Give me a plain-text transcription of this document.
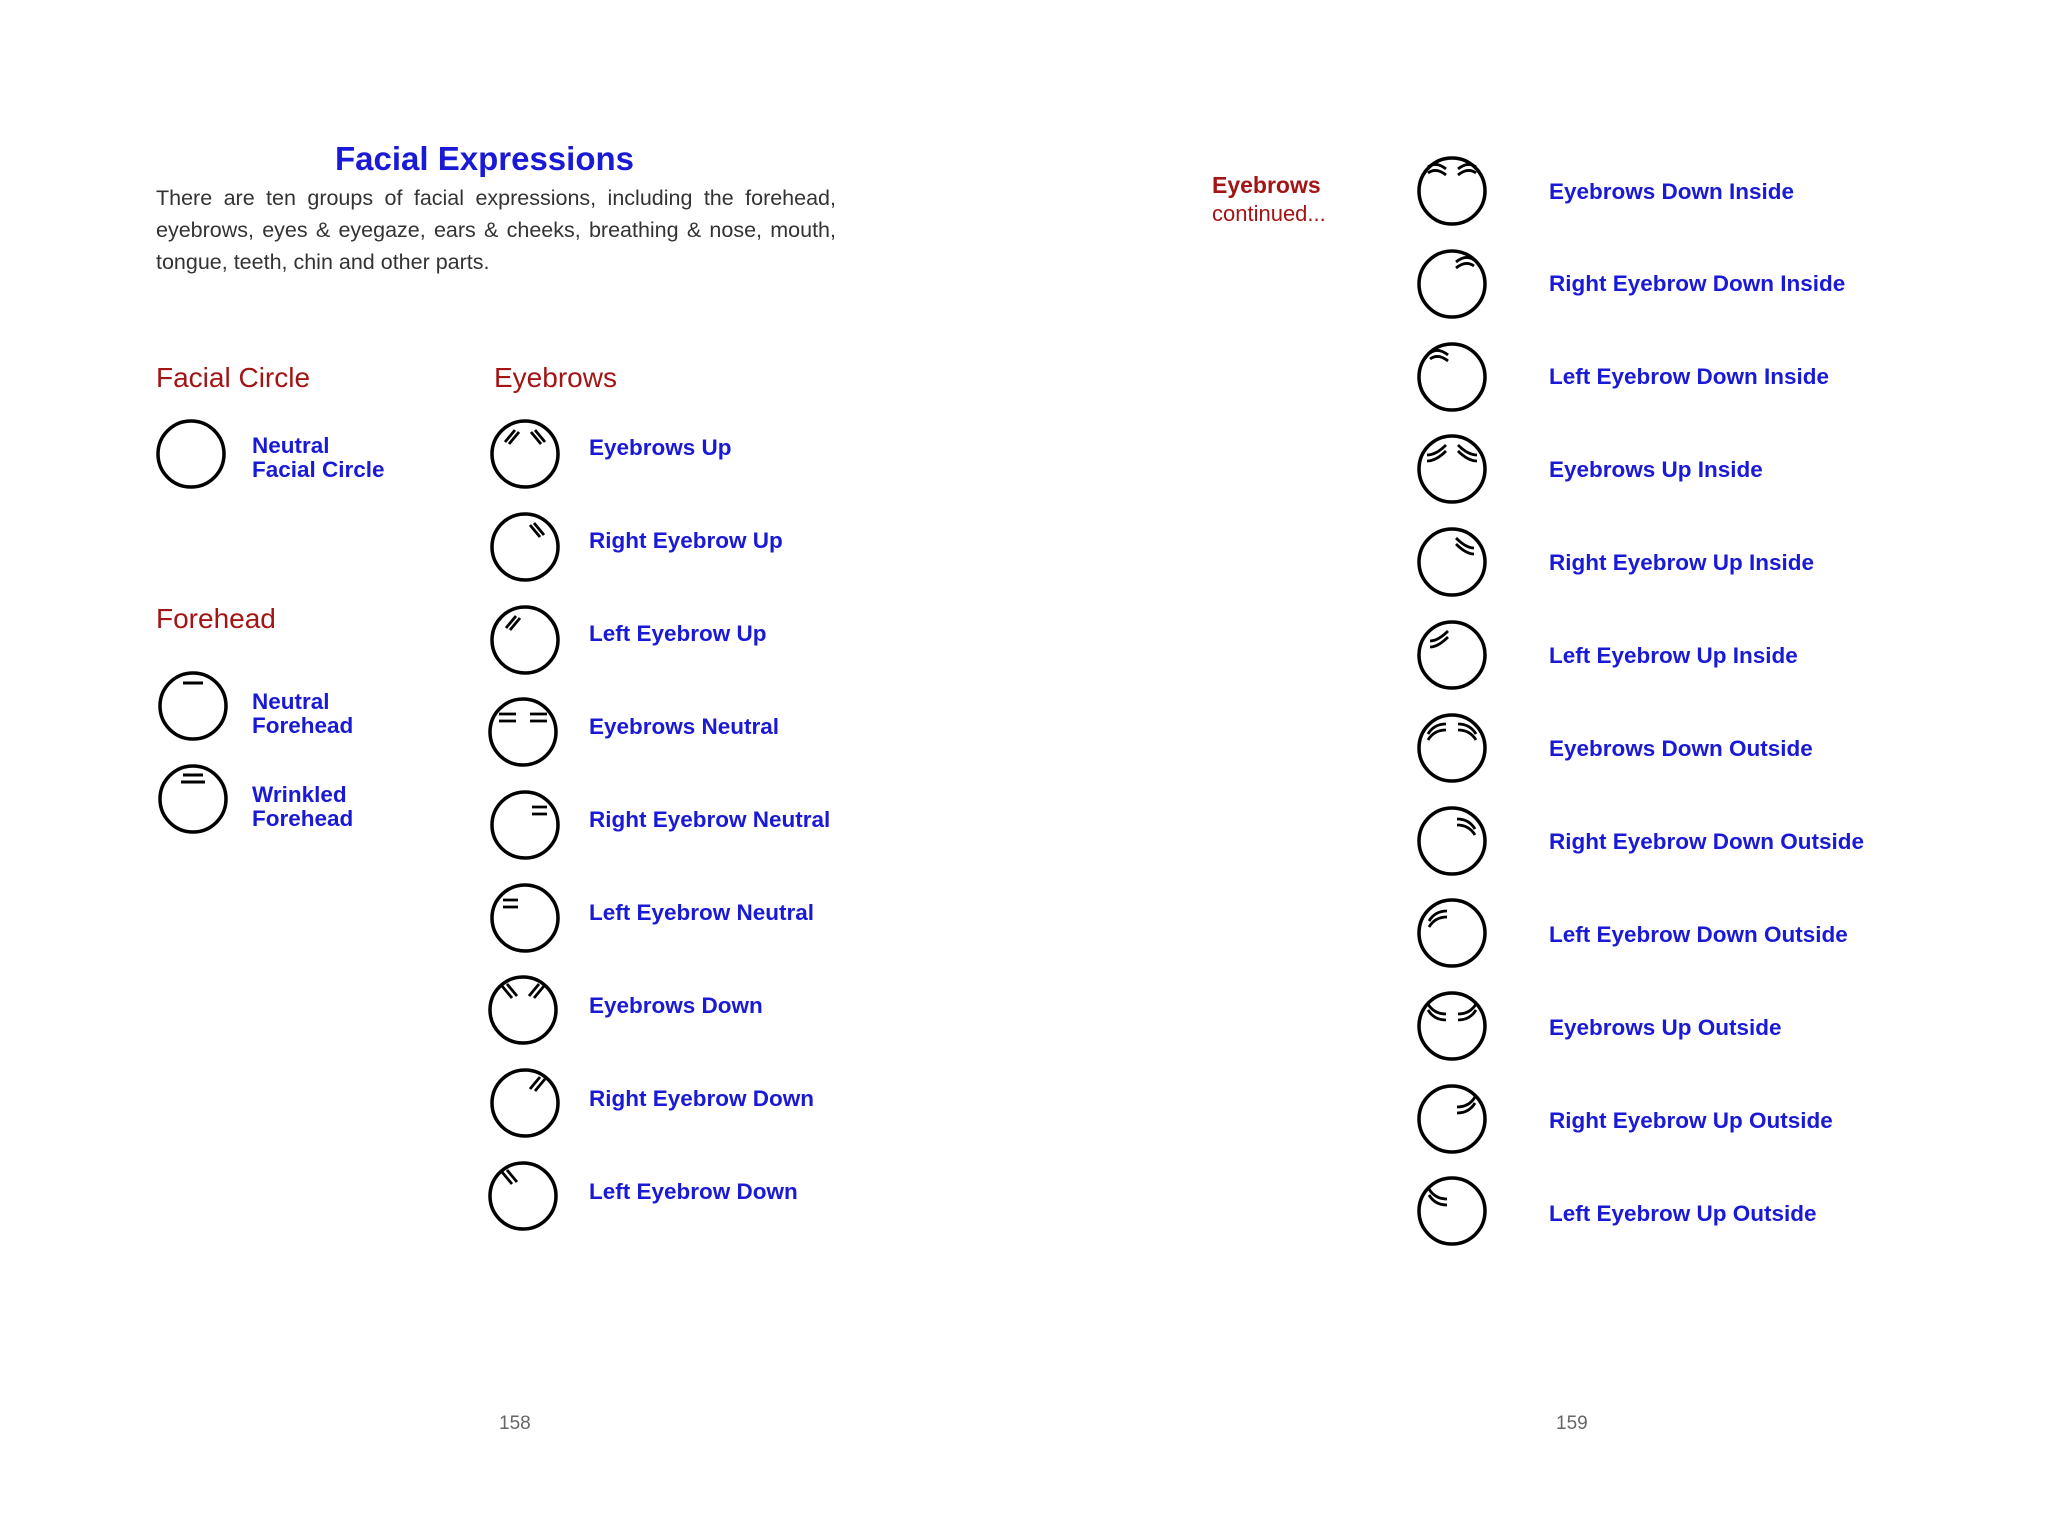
Facial Expressions

There are ten groups of facial expressions, including the forehead, eyebrows, eyes & eyegaze, ears & cheeks, breathing & nose, mouth, tongue, teeth, chin and other parts.

Facial Circle
Neutral
Facial Circle
Forehead
Neutral
Forehead
Wrinkled
Forehead
Eyebrows
Eyebrows Up
Right Eyebrow Up
Left Eyebrow Up
Eyebrows Neutral
Right Eyebrow Neutral
Left Eyebrow Neutral
Eyebrows Down
Right Eyebrow Down
Left Eyebrow Down
158
Eyebrows
continued...
Eyebrows Down Inside
Right Eyebrow Down Inside
Left Eyebrow Down Inside
Eyebrows Up Inside
Right Eyebrow Up Inside
Left Eyebrow Up Inside
Eyebrows Down Outside
Right Eyebrow Down Outside
Left Eyebrow Down Outside
Eyebrows Up Outside
Right Eyebrow Up Outside
Left Eyebrow Up Outside
159
